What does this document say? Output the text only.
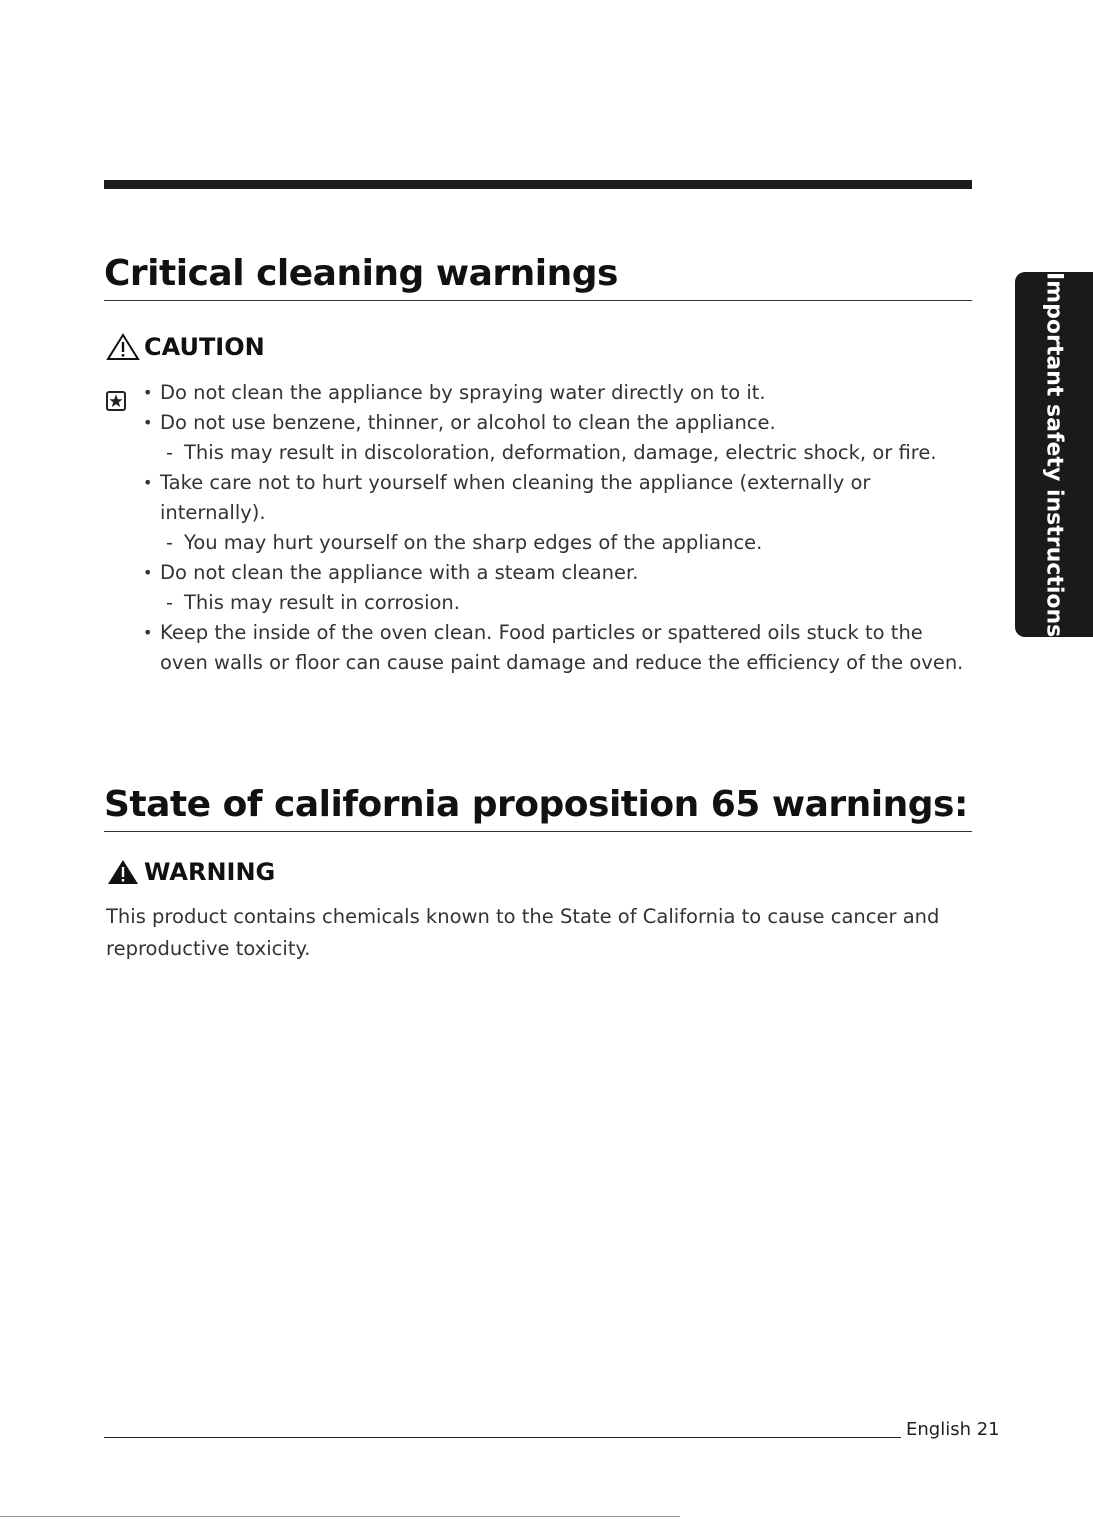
Critical cleaning warnings
CAUTION
• Do not clean the appliance by spraying water directly on to it.
• Do not use benzene, thinner, or alcohol to clean the appliance.
- This may result in discoloration, deformation, damage, electric shock, or fire.
• Take care not to hurt yourself when cleaning the appliance (externally or internally).
- You may hurt yourself on the sharp edges of the appliance.
• Do not clean the appliance with a steam cleaner.
- This may result in corrosion.
• Keep the inside of the oven clean. Food particles or spattered oils stuck to the oven walls or floor can cause paint damage and reduce the efficiency of the oven.
State of california proposition 65 warnings:
WARNING

This product contains chemicals known to the State of California to cause cancer and reproductive toxicity.

Important safety instructions
English 21
